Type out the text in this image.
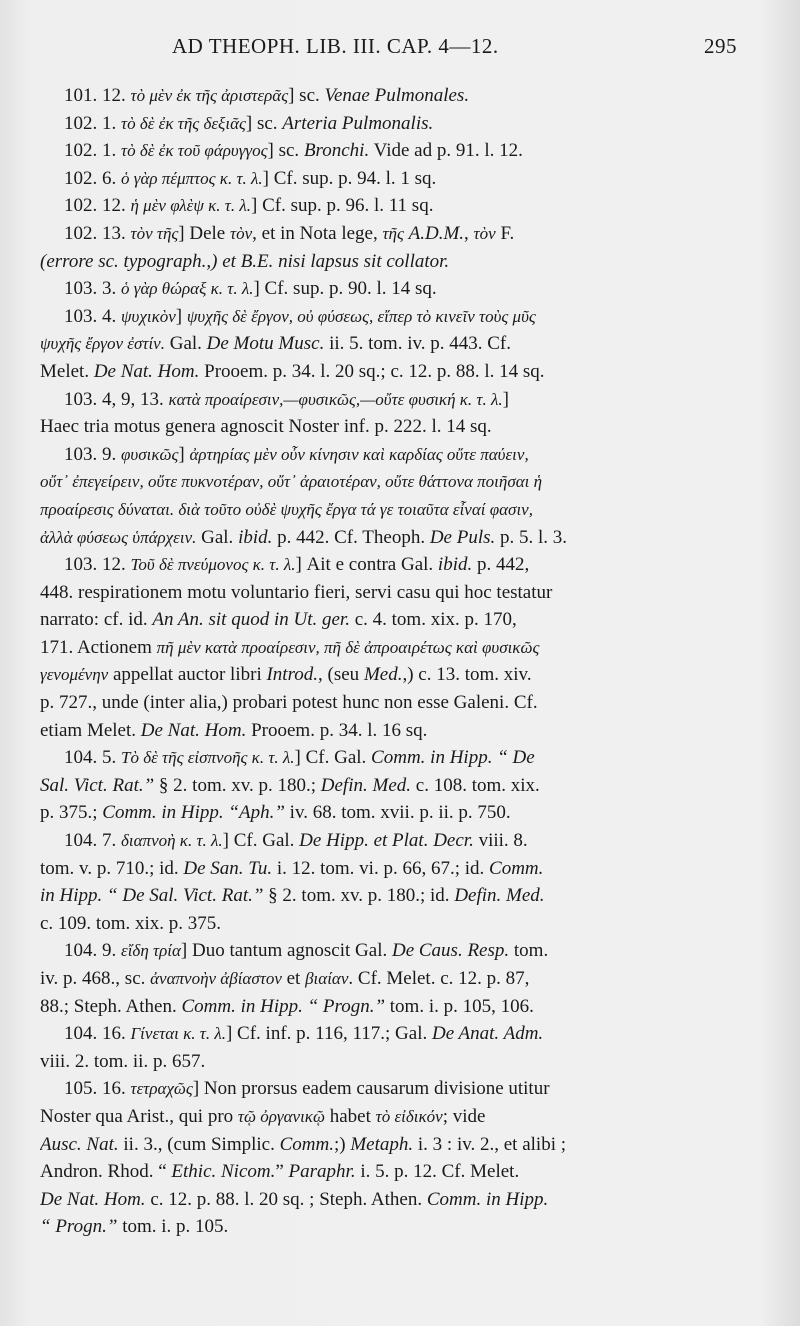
AD THEOPH. LIB. III. CAP. 4—12.	295
101. 12. τὸ μὲν ἐκ τῆς ἀριστερᾶς] sc. Venae Pulmonales.
102. 1. τὸ δὲ ἐκ τῆς δεξιᾶς] sc. Arteria Pulmonalis.
102. 1. τὸ δὲ ἐκ τοῦ φάρυγγος] sc. Bronchi. Vide ad p. 91. l. 12.
102. 6. ὁ γὰρ πέμπτος κ. τ. λ.] Cf. sup. p. 94. l. 1 sq.
102. 12. ἡ μὲν φλὲψ κ. τ. λ.] Cf. sup. p. 96. l. 11 sq.
102. 13. τὸν τῆς] Dele τὸν, et in Nota lege, τῆς A.D.M., τὸν F.
(errore sc. typograph.,) et B.E. nisi lapsus sit collator.
103. 3. ὁ γὰρ θώραξ κ. τ. λ.] Cf. sup. p. 90. l. 14 sq.
103. 4. ψυχικὸν] ψυχῆς δὲ ἔργον, οὐ φύσεως, εἴπερ τὸ κινεῖν τοὺς μῦς
ψυχῆς ἔργον ἐστίν. Gal. De Motu Musc. ii. 5. tom. iv. p. 443. Cf.
Melet. De Nat. Hom. Prooem. p. 34. l. 20 sq.; c. 12. p. 88. l. 14 sq.
103. 4, 9, 13. κατὰ προαίρεσιν,—φυσικῶς,—οὔτε φυσική κ. τ. λ.]
Haec tria motus genera agnoscit Noster inf. p. 222. l. 14 sq.
103. 9. φυσικῶς] ἀρτηρίας μὲν οὖν κίνησιν καὶ καρδίας οὔτε παύειν,
οὔτ᾽ ἐπεγείρειν, οὔτε πυκνοτέραν, οὔτ᾽ ἀραιοτέραν, οὔτε θάττονα ποιῆσαι ἡ
προαίρεσις δύναται. διὰ τοῦτο οὐδὲ ψυχῆς ἔργα τά γε τοιαῦτα εἶναί φασιν,
ἀλλὰ φύσεως ὑπάρχειν. Gal. ibid. p. 442. Cf. Theoph. De Puls. p. 5. l. 3.
103. 12. Τοῦ δὲ πνεύμονος κ. τ. λ.] Ait e contra Gal. ibid. p. 442,
448. respirationem motu voluntario fieri, servi casu qui hoc testatur
narrato: cf. id. An An. sit quod in Ut. ger. c. 4. tom. xix. p. 170,
171. Actionem πῆ μὲν κατὰ προαίρεσιν, πῆ δὲ ἀπροαιρέτως καὶ φυσικῶς
γενομένην appellat auctor libri Introd., (seu Med.,) c. 13. tom. xiv.
p. 727., unde (inter alia,) probari potest hunc non esse Galeni. Cf.
etiam Melet. De Nat. Hom. Prooem. p. 34. l. 16 sq.
104. 5. Τὸ δὲ τῆς εἰσπνοῆς κ. τ. λ.] Cf. Gal. Comm. in Hipp. “ De
Sal. Vict. Rat.” § 2. tom. xv. p. 180.; Defin. Med. c. 108. tom. xix.
p. 375.; Comm. in Hipp. “Aph.” iv. 68. tom. xvii. p. ii. p. 750.
104. 7. διαπνοὴ κ. τ. λ.] Cf. Gal. De Hipp. et Plat. Decr. viii. 8.
tom. v. p. 710.; id. De San. Tu. i. 12. tom. vi. p. 66, 67.; id. Comm.
in Hipp. “ De Sal. Vict. Rat.” § 2. tom. xv. p. 180.; id. Defin. Med.
c. 109. tom. xix. p. 375.
104. 9. εἴδη τρία] Duo tantum agnoscit Gal. De Caus. Resp. tom.
iv. p. 468., sc. ἀναπνοὴν ἀβίαστον et βιαίαν. Cf. Melet. c. 12. p. 87,
88.; Steph. Athen. Comm. in Hipp. “ Progn.” tom. i. p. 105, 106.
104. 16. Γίνεται κ. τ. λ.] Cf. inf. p. 116, 117.; Gal. De Anat. Adm.
viii. 2. tom. ii. p. 657.
105. 16. τετραχῶς] Non prorsus eadem causarum divisione utitur
Noster qua Arist., qui pro τῷ ὀργανικῷ habet τὸ εἰδικόν; vide
Ausc. Nat. ii. 3., (cum Simplic. Comm.;) Metaph. i. 3 : iv. 2., et alibi ;
Andron. Rhod. “ Ethic. Nicom.” Paraphr. i. 5. p. 12. Cf. Melet.
De Nat. Hom. c. 12. p. 88. l. 20 sq. ; Steph. Athen. Comm. in Hipp.
“ Progn.” tom. i. p. 105.
